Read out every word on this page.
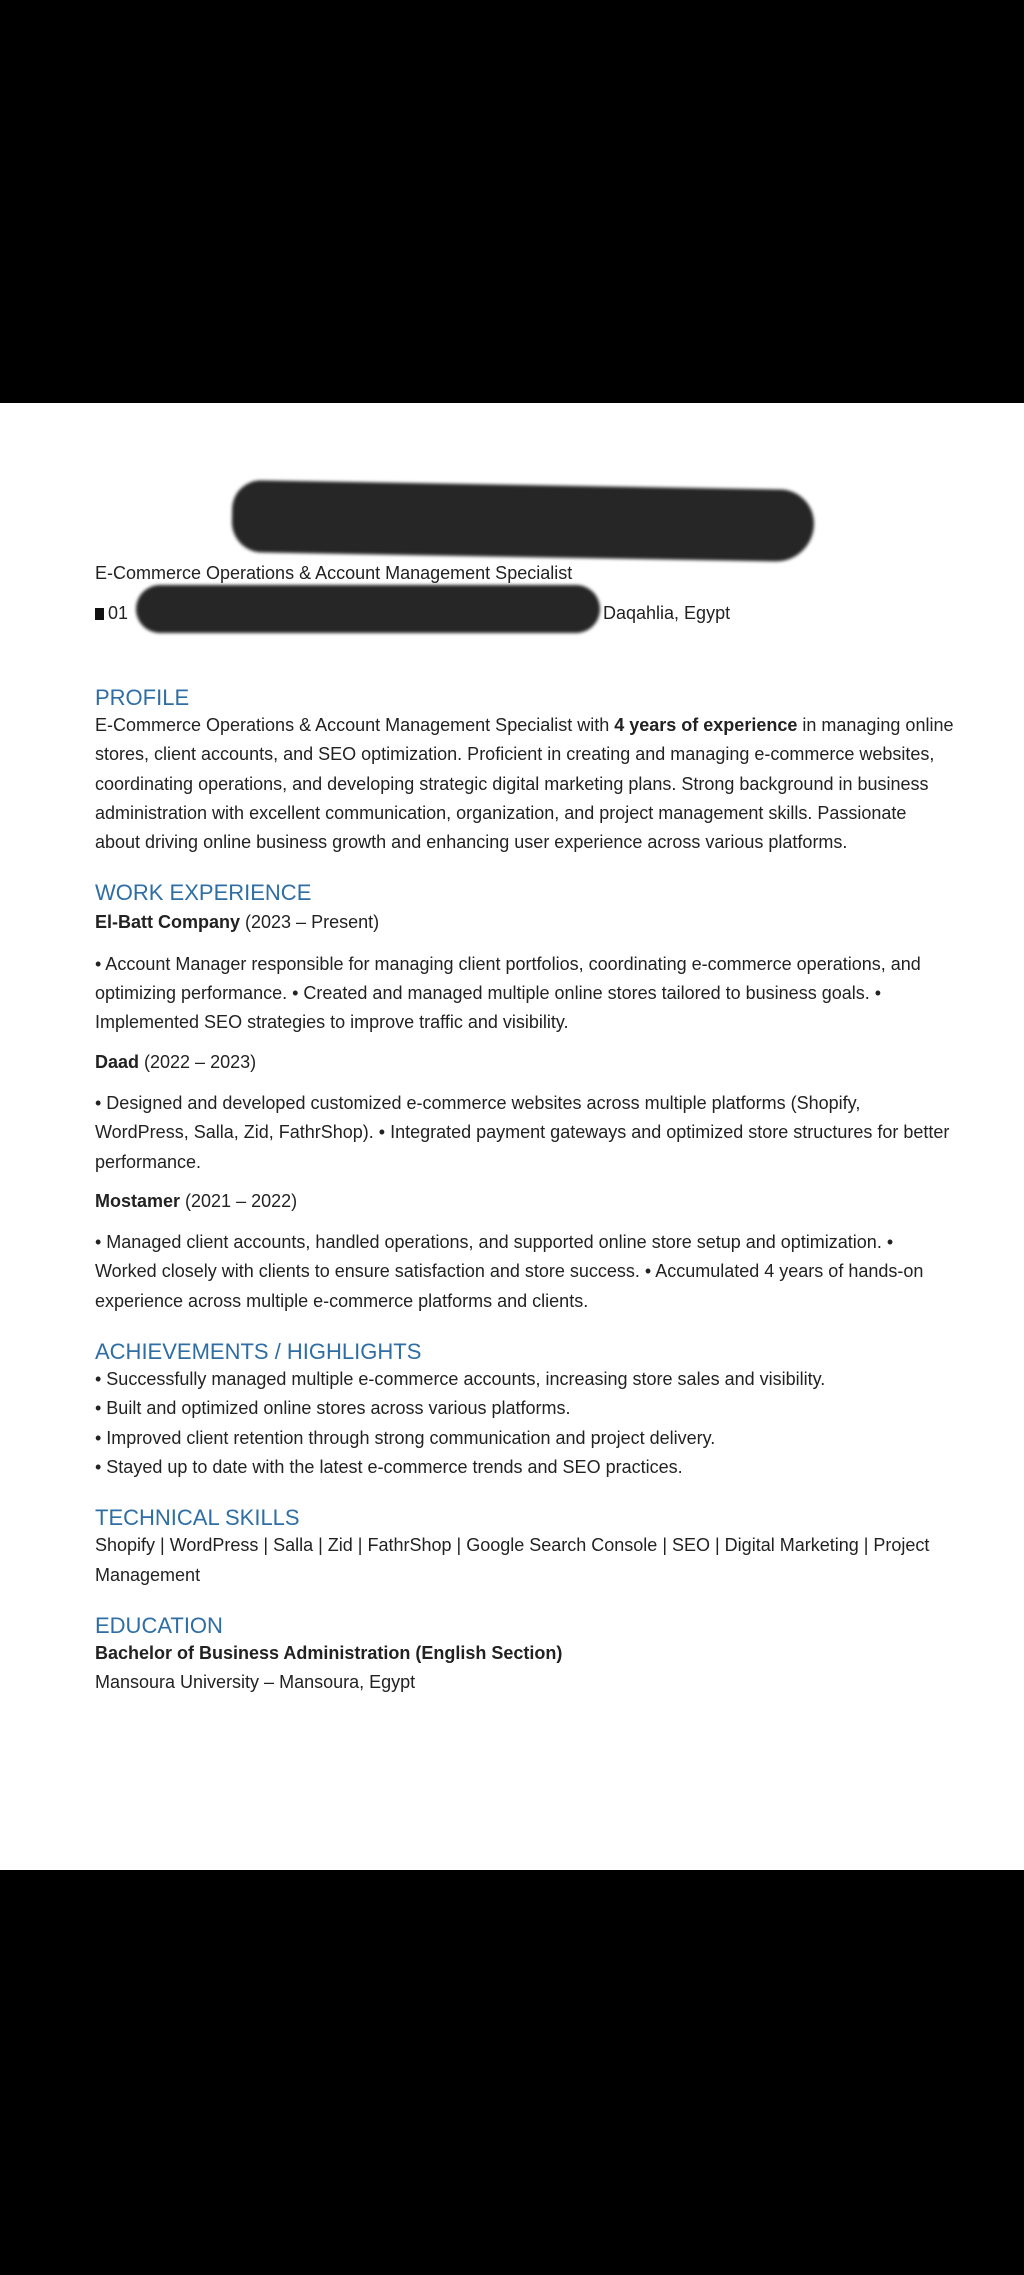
E-Commerce Operations & Account Management Specialist
01	Daqahlia, Egypt
PROFILE

E-Commerce Operations & Account Management Specialist with 4 years of experience in managing online stores, client accounts, and SEO optimization. Proficient in creating and managing e-commerce websites, coordinating operations, and developing strategic digital marketing plans. Strong background in business administration with excellent communication, organization, and project management skills. Passionate about driving online business growth and enhancing user experience across various platforms.

WORK EXPERIENCE
El-Batt Company (2023 – Present)

• Account Manager responsible for managing client portfolios, coordinating e-commerce operations, and optimizing performance. • Created and managed multiple online stores tailored to business goals. • Implemented SEO strategies to improve traffic and visibility.

Daad (2022 – 2023)

• Designed and developed customized e-commerce websites across multiple platforms (Shopify, WordPress, Salla, Zid, FathrShop). • Integrated payment gateways and optimized store structures for better performance.

Mostamer (2021 – 2022)

• Managed client accounts, handled operations, and supported online store setup and optimization. • Worked closely with clients to ensure satisfaction and store success. • Accumulated 4 years of hands-on experience across multiple e-commerce platforms and clients.

ACHIEVEMENTS / HIGHLIGHTS

• Successfully managed multiple e-commerce accounts, increasing store sales and visibility.

• Built and optimized online stores across various platforms.

• Improved client retention through strong communication and project delivery.

• Stayed up to date with the latest e-commerce trends and SEO practices.

TECHNICAL SKILLS

Shopify | WordPress | Salla | Zid | FathrShop | Google Search Console | SEO | Digital Marketing | Project Management

EDUCATION

Bachelor of Business Administration (English Section)

Mansoura University – Mansoura, Egypt
